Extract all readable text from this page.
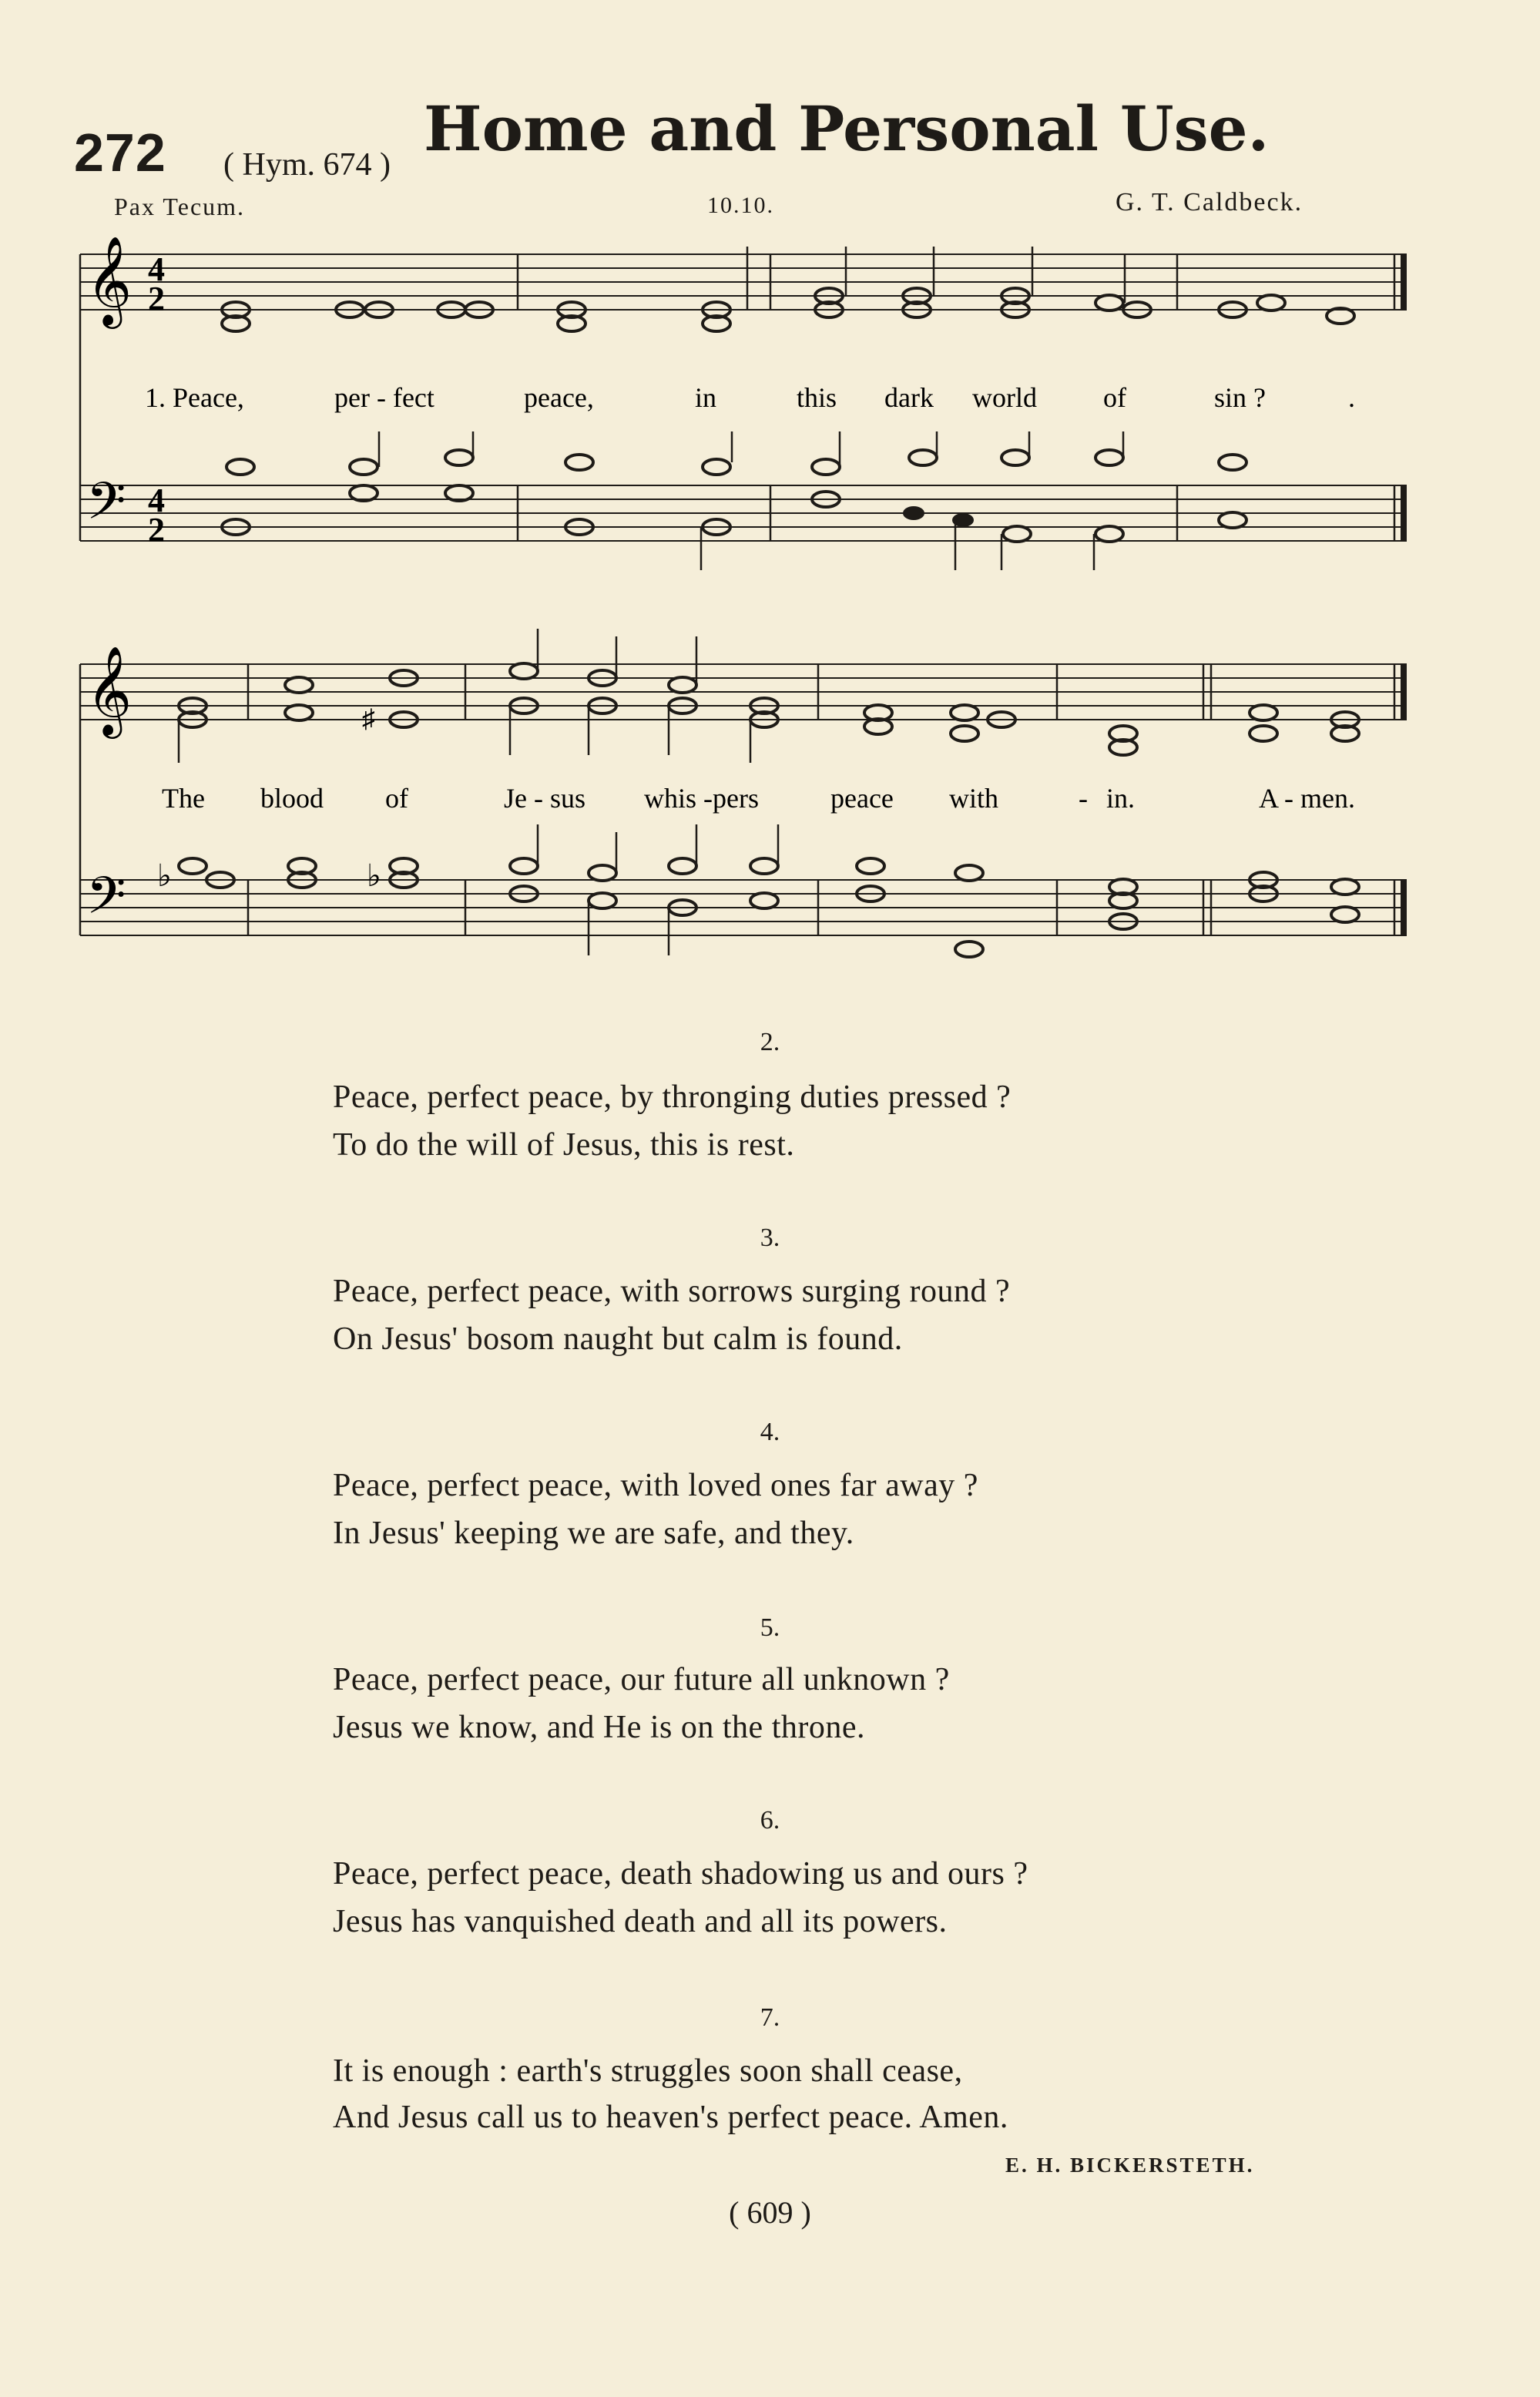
272 ( Hym. 674 ) Home and Personal Use.
Pax Tecum.	10.10.	G. T. Caldbeck.
𝄞
𝄢
4
2
4
2
1. Peace,	per - fect	peace,	in	this dark world of	sin ?	.
𝄞
𝄢
♯
The blood of	Je - sus whis -pers	peace with	- in.	A - men.
♭	♭
2.
Peace, perfect peace, by thronging duties pressed ?
To do the will of Jesus, this is rest.
3.
Peace, perfect peace, with sorrows surging round ?
On Jesus' bosom naught but calm is found.
4.
Peace, perfect peace, with loved ones far away ?
In Jesus' keeping we are safe, and they.
5.
Peace, perfect peace, our future all unknown ?
Jesus we know, and He is on the throne.
6.
Peace, perfect peace, death shadowing us and ours ?
Jesus has vanquished death and all its powers.
7.
It is enough : earth's struggles soon shall cease,
And Jesus call us to heaven's perfect peace. Amen.
E. H. BICKERSTETH.
( 609 )
